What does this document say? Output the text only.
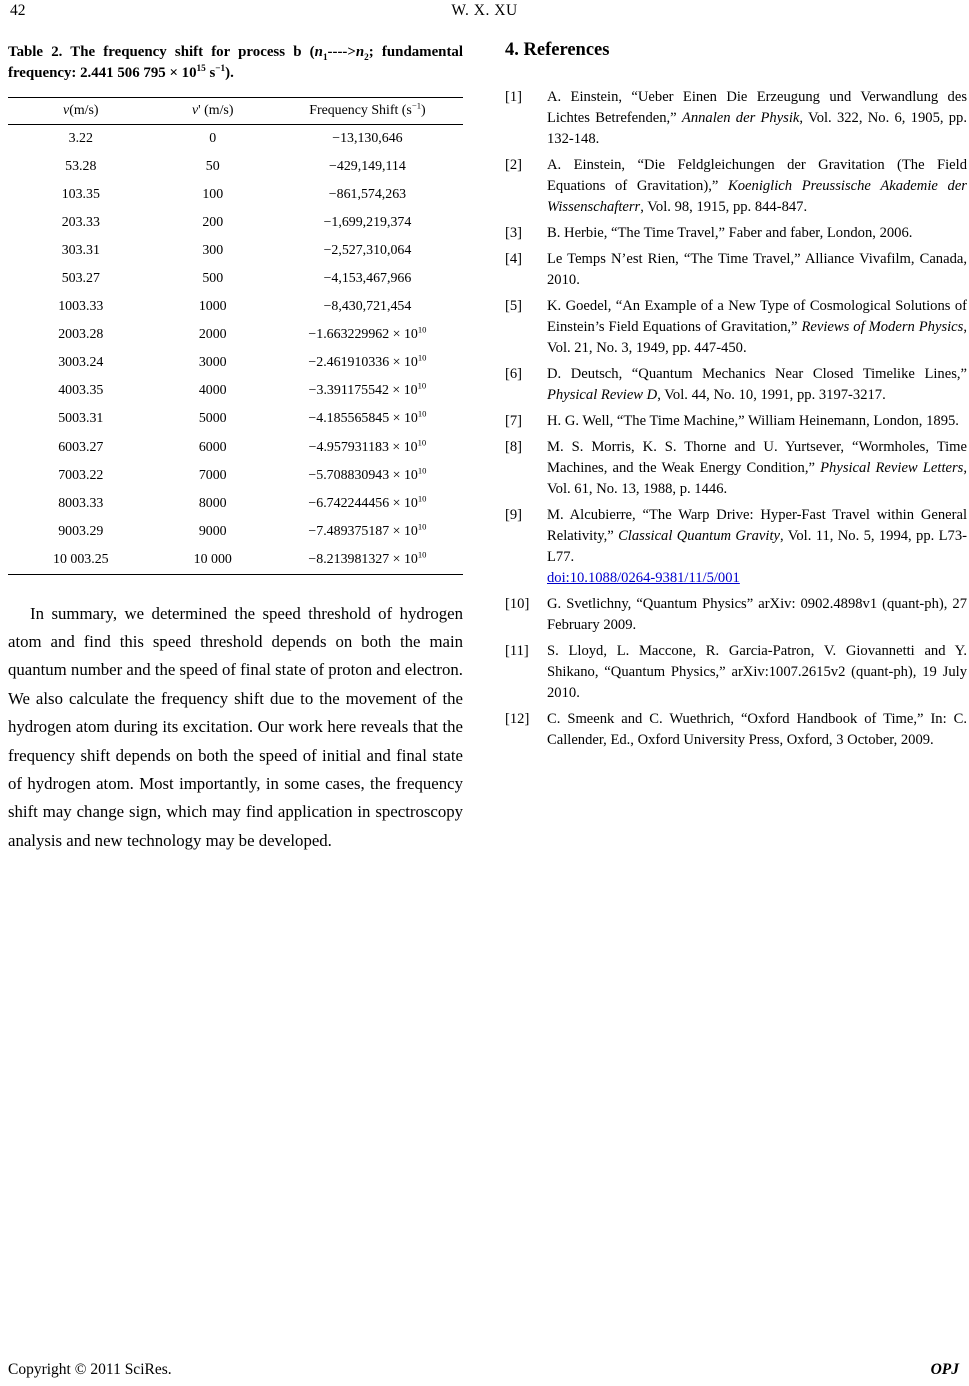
42	W. X. XU

Table 2. The frequency shift for process b ($n_1---->n_2$; fundamental frequency: 2.441 506 $795 \times 10^{15}$ $s^{-1}$).

v(m/s)	v' (m/s)	Frequency Shift $(s^{-1})$
3.22	0	−13,130,646
53.28	50	−429,149,114
103.35	100	−861,574,263
203.33	200	−1,699,219,374
303.31	300	−2,527,310,064
503.27	500	−4,153,467,966
1003.33	1000	−8,430,721,454
2003.28	2000	$-1.663229962 \times 10^{10}$
3003.24	3000	$-2.461910336 \times 10^{10}$
4003.35	4000	$-3.391175542 \times 10^{10}$
5003.31	5000	$-4.185565845 \times 10^{10}$
6003.27	6000	$-4.957931183 \times 10^{10}$
7003.22	7000	$-5.708830943 \times 10^{10}$
8003.33	8000	$-6.742244456 \times 10^{10}$
9003.29	9000	$-7.489375187 \times 10^{10}$
10 003.25	10 000	$-8.213981327 \times 10^{10}$

In summary, we determined the speed threshold of hydrogen atom and find this speed threshold depends on both the main quantum number and the speed of final state of proton and electron. We also calculate the frequency shift due to the movement of the hydrogen atom during its excitation. Our work here reveals that the frequency shift depends on both the speed of initial and final state of hydrogen atom. Most importantly, in some cases, the frequency shift may change sign, which may find application in spectroscopy analysis and new technology may be developed.

4. References
[1] A. Einstein, “Ueber Einen Die Erzeugung und Verwandlung des Lichtes Betrefenden,” Annalen der Physik, Vol. 322, No. 6, 1905, pp. 132-148.
[2] A. Einstein, “Die Feldgleichungen der Gravitation (The Field Equations of Gravitation),” Koeniglich Preussische Akademie der Wissenschafterr, Vol. 98, 1915, pp. 844-847.
[3] B. Herbie, “The Time Travel,” Faber and faber, London, 2006.
[4] Le Temps N’est Rien, “The Time Travel,” Alliance Vivafilm, Canada, 2010.
[5] K. Goedel, “An Example of a New Type of Cosmological Solutions of Einstein’s Field Equations of Gravitation,” Reviews of Modern Physics, Vol. 21, No. 3, 1949, pp. 447-450.
[6] D. Deutsch, “Quantum Mechanics Near Closed Timelike Lines,” Physical Review D, Vol. 44, No. 10, 1991, pp. 3197-3217.
[7] H. G. Well, “The Time Machine,” William Heinemann, London, 1895.
[8] M. S. Morris, K. S. Thorne and U. Yurtsever, “Wormholes, Time Machines, and the Weak Energy Condition,” Physical Review Letters, Vol. 61, No. 13, 1988, p. 1446.
[9] M. Alcubierre, “The Warp Drive: Hyper-Fast Travel within General Relativity,” Classical Quantum Gravity, Vol. 11, No. 5, 1994, pp. L73-L77.
doi:10.1088/0264-9381/11/5/001
[10] G. Svetlichny, “Quantum Physics” arXiv: 0902.4898v1 (quant-ph), 27 February 2009.
[11] S. Lloyd, L. Maccone, R. Garcia-Patron, V. Giovannetti and Y. Shikano, “Quantum Physics,” arXiv:1007.2615v2 (quant-ph), 19 July 2010.
[12] C. Smeenk and C. Wuethrich, “Oxford Handbook of Time,” In: C. Callender, Ed., Oxford University Press, Oxford, 3 October, 2009.
Copyright © 2011 SciRes.	OPJ
